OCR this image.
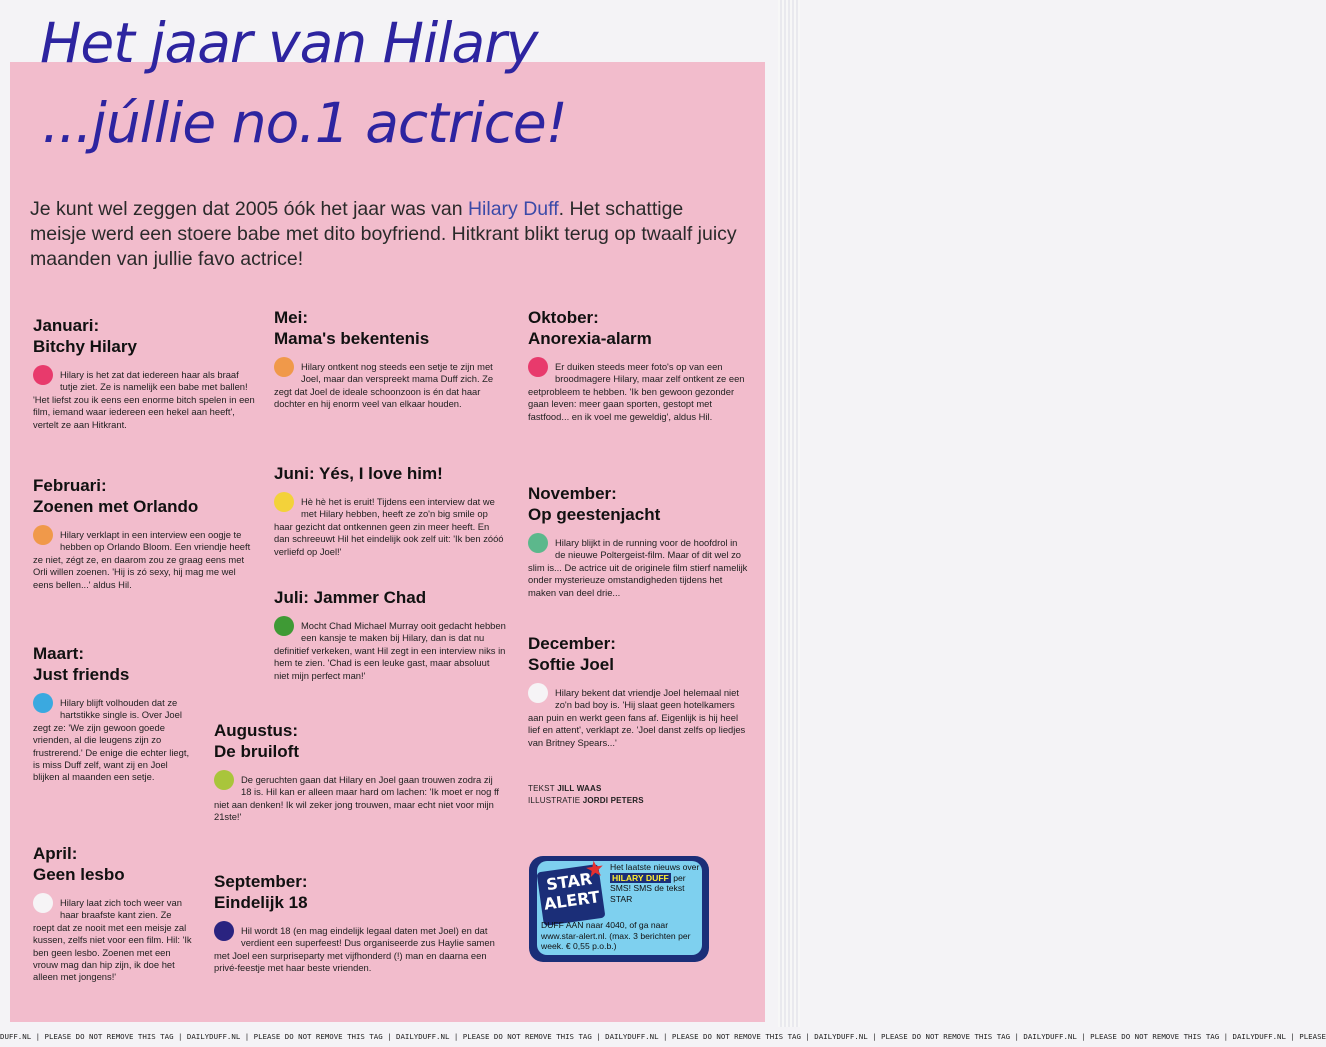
Het jaar van Hilary
...júllie no.1 actrice!

Je kunt wel zeggen dat 2005 óók het jaar was van Hilary Duff. Het schattige meisje werd een stoere babe met dito boyfriend. Hitkrant blikt terug op twaalf juicy maanden van jullie favo actrice!

Januari:
Bitchy Hilary

Hilary is het zat dat iedereen haar als braaf tutje ziet. Ze is namelijk een babe met ballen! 'Het liefst zou ik eens een enorme bitch spelen in een film, iemand waar iedereen een hekel aan heeft', vertelt ze aan Hitkrant.

Februari:
Zoenen met Orlando

Hilary verklapt in een interview een oogje te hebben op Orlando Bloom. Een vriendje heeft ze niet, zégt ze, en daarom zou ze graag eens met Orli willen zoenen. 'Hij is zó sexy, hij mag me wel eens bellen...' aldus Hil.

Maart:
Just friends

Hilary blijft volhouden dat ze hartstikke single is. Over Joel zegt ze: 'We zijn gewoon goede vrienden, al die leugens zijn zo frustrerend.' De enige die echter liegt, is miss Duff zelf, want zij en Joel blijken al maanden een setje.

April:
Geen lesbo

Hilary laat zich toch weer van haar braafste kant zien. Ze roept dat ze nooit met een meisje zal kussen, zelfs niet voor een film. Hil: 'Ik ben geen lesbo. Zoenen met een vrouw mag dan hip zijn, ik doe het alleen met jongens!'

Mei:
Mama's bekentenis

Hilary ontkent nog steeds een setje te zijn met Joel, maar dan verspreekt mama Duff zich. Ze zegt dat Joel de ideale schoonzoon is én dat haar dochter en hij enorm veel van elkaar houden.

Juni: Yés, I love him!

Hè hè het is eruit! Tijdens een interview dat we met Hilary hebben, heeft ze zo'n big smile op haar gezicht dat ontkennen geen zin meer heeft. En dan schreeuwt Hil het eindelijk ook zelf uit: 'Ik ben zóóó verliefd op Joel!'

Juli: Jammer Chad

Mocht Chad Michael Murray ooit gedacht hebben een kansje te maken bij Hilary, dan is dat nu definitief verkeken, want Hil zegt in een interview niks in hem te zien. 'Chad is een leuke gast, maar absoluut niet mijn perfect man!'

Augustus:
De bruiloft

De geruchten gaan dat Hilary en Joel gaan trouwen zodra zij 18 is. Hil kan er alleen maar hard om lachen: 'Ik moet er nog ff niet aan denken! Ik wil zeker jong trouwen, maar echt niet voor mijn 21ste!'

September:
Eindelijk 18

Hil wordt 18 (en mag eindelijk legaal daten met Joel) en dat verdient een superfeest! Dus organiseerde zus Haylie samen met Joel een surpriseparty met vijfhonderd (!) man en daarna een privé-feestje met haar beste vrienden.

Oktober:
Anorexia-alarm

Er duiken steeds meer foto's op van een broodmagere Hilary, maar zelf ontkent ze een eetprobleem te hebben. 'Ik ben gewoon gezonder gaan leven: meer gaan sporten, gestopt met fastfood... en ik voel me geweldig', aldus Hil.

November:
Op geestenjacht

Hilary blijkt in de running voor de hoofdrol in de nieuwe Poltergeist-film. Maar of dit wel zo slim is... De actrice uit de originele film stierf namelijk onder mysterieuze omstandigheden tijdens het maken van deel drie...

December:
Softie Joel

Hilary bekent dat vriendje Joel helemaal niet zo'n bad boy is. 'Hij slaat geen hotelkamers aan puin en werkt geen fans af. Eigenlijk is hij heel lief en attent', verklapt ze. 'Joel danst zelfs op liedjes van Britney Spears...'

TEKST JILL WAAS
ILLUSTRATIE JORDI PETERS
STAR
ALERT
★ Het laatste nieuws over HILARY DUFF per SMS! SMS de tekst STAR
DUFF AAN naar 4040, of ga naar www.star-alert.nl. (max. 3 berichten per week. € 0,55 p.o.b.)
DUFF.NL | PLEASE DO NOT REMOVE THIS TAG | DAILYDUFF.NL | PLEASE DO NOT REMOVE THIS TAG | DAILYDUFF.NL | PLEASE DO NOT REMOVE THIS TAG | DAILYDUFF.NL | PLEASE DO NOT REMOVE THIS TAG | DAILYDUFF.NL | PLEASE DO NOT REMOVE THIS TAG | DAILYDUFF.NL | PLEASE DO NOT REMOVE THIS TAG | DAILYDUFF.NL | PLEASE
